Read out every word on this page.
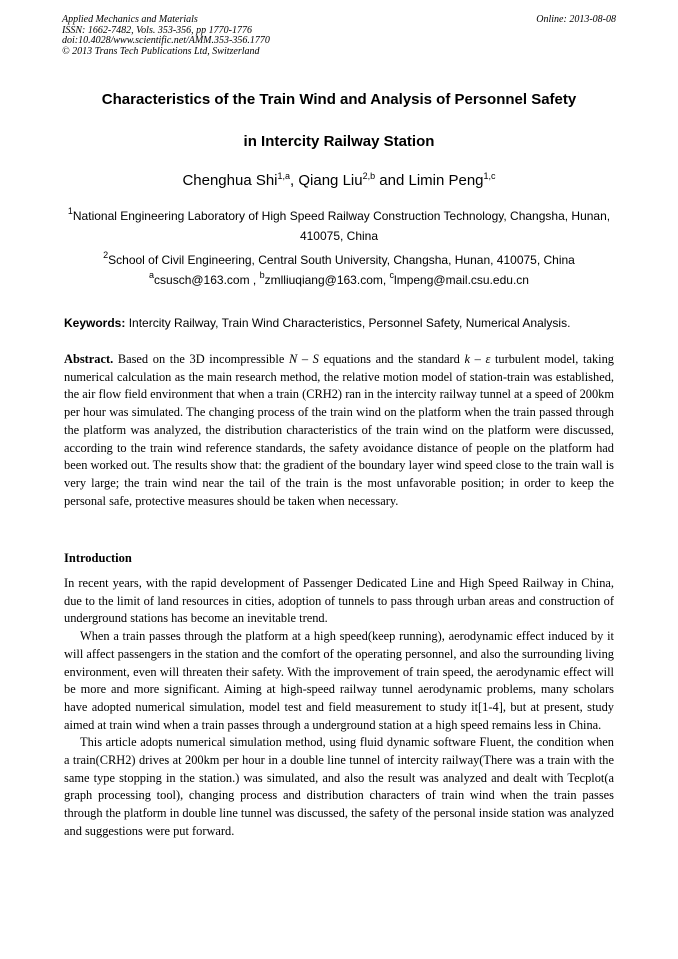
Applied Mechanics and Materials
ISSN: 1662-7482, Vols. 353-356, pp 1770-1776
doi:10.4028/www.scientific.net/AMM.353-356.1770
© 2013 Trans Tech Publications Ltd, Switzerland
Online: 2013-08-08
Characteristics of the Train Wind and Analysis of Personnel Safety
in Intercity Railway Station
Chenghua Shi$^{1,a}$, Qiang Liu$^{2,b}$ and Limin Peng$^{1,c}$
$^1$National Engineering Laboratory of High Speed Railway Construction Technology, Changsha, Hunan, 410075, China
$^2$School of Civil Engineering, Central South University, Changsha, Hunan, 410075, China
$^a$csusch@163.com , $^b$zmlliuqiang@163.com, $^c$lmpeng@mail.csu.edu.cn
Keywords: Intercity Railway, Train Wind Characteristics, Personnel Safety, Numerical Analysis.

Abstract. Based on the 3D incompressible N – S equations and the standard k – ε turbulent model, taking numerical calculation as the main research method, the relative motion model of station-train was established, the air flow field environment that when a train (CRH2) ran in the intercity railway tunnel at a speed of 200km per hour was simulated. The changing process of the train wind on the platform when the train passed through the platform was analyzed, the distribution characteristics of the train wind on the platform were discussed, according to the train wind reference standards, the safety avoidance distance of people on the platform had been worked out. The results show that: the gradient of the boundary layer wind speed close to the train wall is very large; the train wind near the tail of the train is the most unfavorable position; in order to keep the personal safe, protective measures should be taken when necessary.

Introduction

In recent years, with the rapid development of Passenger Dedicated Line and High Speed Railway in China, due to the limit of land resources in cities, adoption of tunnels to pass through urban areas and construction of underground stations has become an inevitable trend.

When a train passes through the platform at a high speed(keep running), aerodynamic effect induced by it will affect passengers in the station and the comfort of the operating personnel, and also the surrounding living environment, even will threaten their safety. With the improvement of train speed, the aerodynamic effect will be more and more significant. Aiming at high-speed railway tunnel aerodynamic problems, many scholars have adopted numerical simulation, model test and field measurement to study it[1-4], but at present, study aimed at train wind when a train passes through a underground station at a high speed remains less in China.

This article adopts numerical simulation method, using fluid dynamic software Fluent, the condition when a train(CRH2) drives at 200km per hour in a double line tunnel of intercity railway(There was a train with the same type stopping in the station.) was simulated, and also the result was analyzed and dealt with Tecplot(a graph processing tool), changing process and distribution characters of train wind when the train passes through the platform in double line tunnel was discussed, the safety of the personal inside station was analyzed and suggestions were put forward.
